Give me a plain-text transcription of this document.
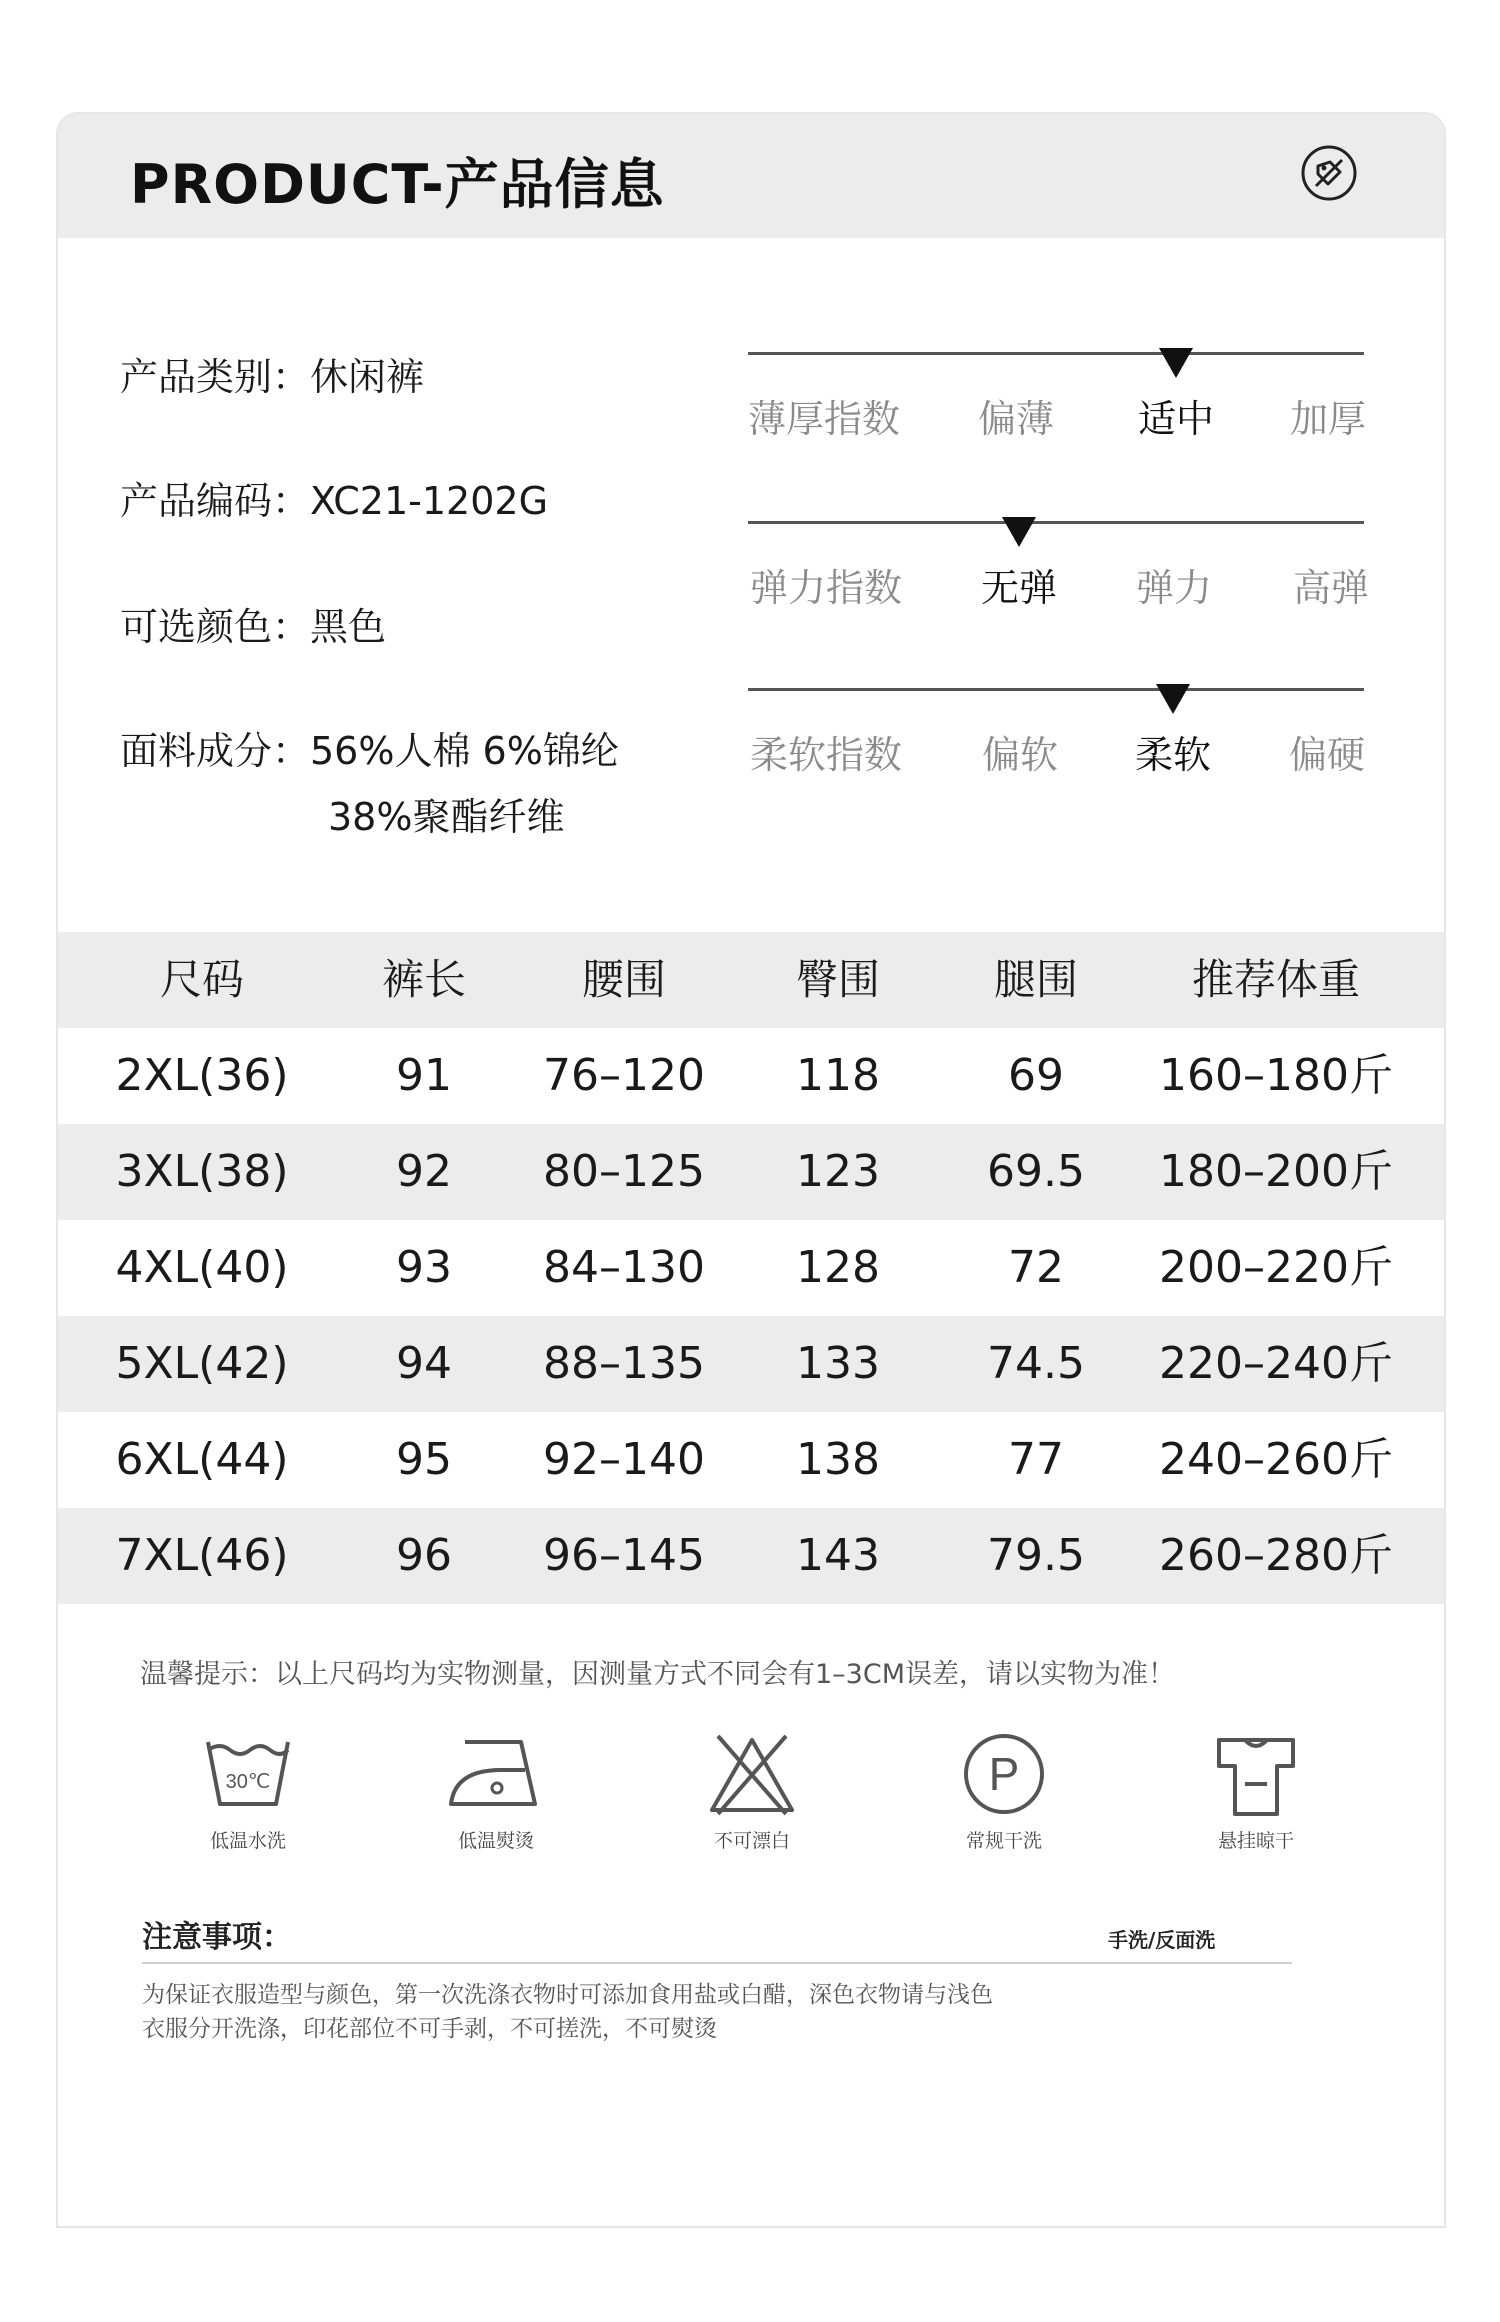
PRODUCT-产品信息
产品类别：休闲裤
产品编码：XC21-1202G
可选颜色：黑色
面料成分：56%人棉 6%锦纶
38%聚酯纤维
薄厚指数 偏薄 适中 加厚
弹力指数 无弹 弹力 高弹
柔软指数 偏软 柔软 偏硬
尺码	裤长	腰围	臀围	腿围	推荐体重
2XL(36) 91 76–120 118	69 160–180斤
3XL(38) 92 80–125 123 69.5 180–200斤
4XL(40) 93 84–130 128	72 200–220斤
5XL(42) 94 88–135 133 74.5 220–240斤
6XL(44) 95 92–140 138	77 240–260斤
7XL(46) 96 96–145 143 79.5 260–280斤
温馨提示：以上尺码均为实物测量，因测量方式不同会有1–3CM误差，请以实物为准！
30℃
低温水洗	低温熨烫	不可漂白
P
常规干洗	悬挂晾干
注意事项：	手洗/反面洗
为保证衣服造型与颜色，第一次洗涤衣物时可添加食用盐或白醋，深色衣物请与浅色
衣服分开洗涤，印花部位不可手剥，不可搓洗，不可熨烫
